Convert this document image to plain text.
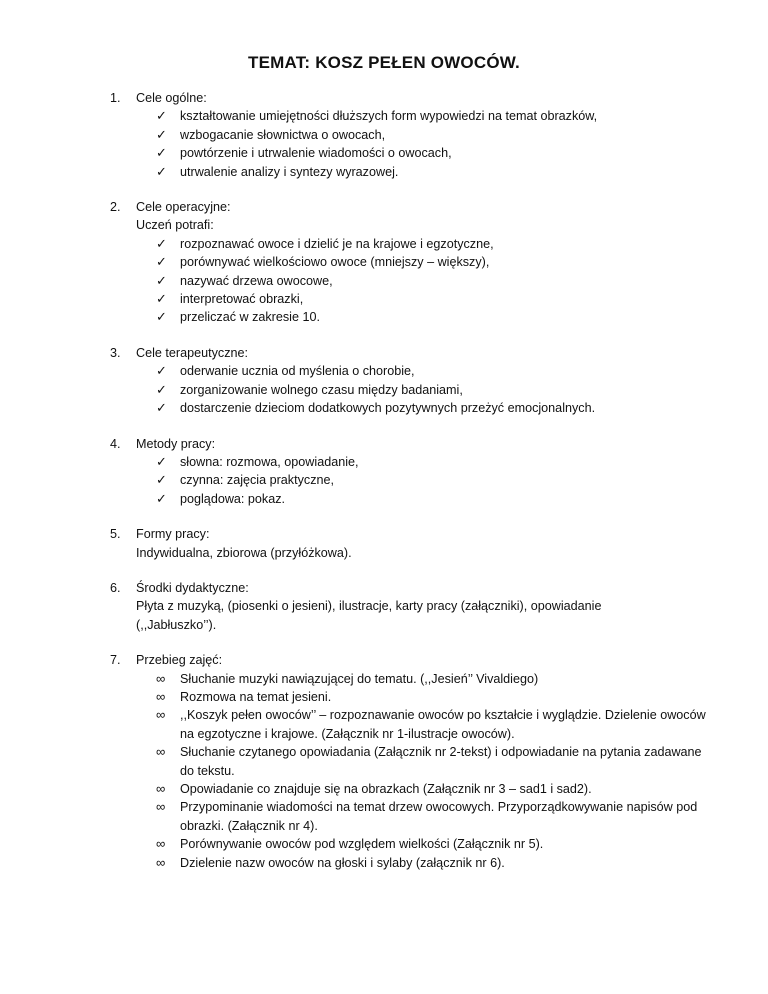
TEMAT: KOSZ PEŁEN OWOCÓW.
1. Cele ogólne:
✓	kształtowanie umiejętności dłuższych form wypowiedzi na temat obrazków,
✓	wzbogacanie słownictwa o owocach,
✓	powtórzenie i utrwalenie wiadomości o owocach,
✓	utrwalenie analizy i syntezy wyrazowej.
2. Cele operacyjne:
Uczeń potrafi:
✓	rozpoznawać owoce i dzielić je na krajowe i egzotyczne,
✓	porównywać wielkościowo owoce (mniejszy – większy),
✓	nazywać drzewa owocowe,
✓	interpretować obrazki,
✓	przeliczać w zakresie 10.
3. Cele terapeutyczne:
✓	oderwanie ucznia od myślenia o chorobie,
✓	zorganizowanie wolnego czasu między badaniami,
✓	dostarczenie dzieciom dodatkowych pozytywnych przeżyć emocjonalnych.
4. Metody pracy:
✓	słowna: rozmowa, opowiadanie,
✓	czynna: zajęcia praktyczne,
✓	poglądowa: pokaz.
5. Formy pracy:
Indywidualna, zbiorowa (przyłóżkowa).
6. Środki dydaktyczne:
Płyta z muzyką, (piosenki o jesieni), ilustracje, karty pracy (załączniki), opowiadanie
(,,Jabłuszko’’).
7. Przebieg zajęć:
∞	Słuchanie muzyki nawiązującej do tematu. (,,Jesień’’ Vivaldiego)
∞	Rozmowa na temat jesieni.
∞	,,Koszyk pełen owoców’’ – rozpoznawanie owoców po kształcie i wyglądzie. Dzielenie owoców na egzotyczne i krajowe. (Załącznik nr 1-ilustracje owoców).
∞	Słuchanie czytanego opowiadania (Załącznik nr 2-tekst) i odpowiadanie na pytania zadawane do tekstu.
∞	Opowiadanie co znajduje się na obrazkach (Załącznik nr 3 – sad1 i sad2).
∞	Przypominanie wiadomości na temat drzew owocowych. Przyporządkowywanie napisów pod obrazki. (Załącznik nr 4).
∞	Porównywanie owoców pod względem wielkości (Załącznik nr 5).
∞	Dzielenie nazw owoców na głoski i sylaby (załącznik nr 6).
